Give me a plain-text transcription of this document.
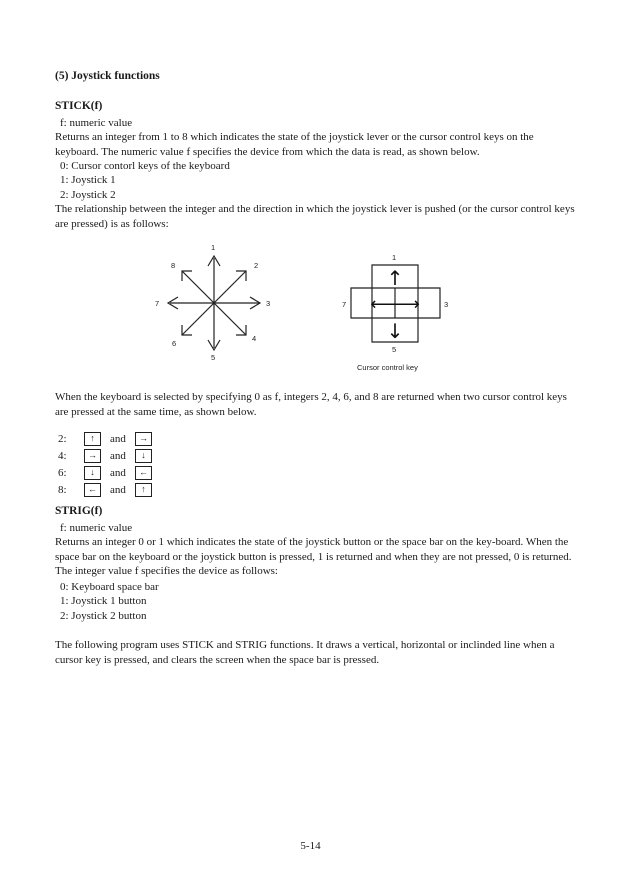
(5) Joystick functions
STICK(f)
f: numeric value
Returns an integer from 1 to 8 which indicates the state of the joystick lever or the cursor control keys on the keyboard. The numeric value f specifies the device from which the data is read, as shown below.
0: Cursor contorl keys of the keyboard
1: Joystick 1
2: Joystick 2
The relationship between the integer and the direction in which the joystick lever is pushed (or the cursor control keys are pressed) is as follows:
1
2
3
4
5
6
7
8
↑
⟶
↓
⟵
1
3
5
7
Cursor control key
When the keyboard is selected by specifying 0 as f, integers 2, 4, 6, and 8 are returned when two cursor control keys are pressed at the same time, as shown below.
2:	↑	and	→
4:	→	and	↓
6:	↓	and	←
8:	←	and	↑
STRIG(f)
f: numeric value
Returns an integer 0 or 1 which indicates the state of the joystick button or the space bar on the key-board. When the space bar on the keyboard or the joystick button is pressed, 1 is returned and when they are not pressed, 0 is returned. The integer value f specifies the device as follows:
0: Keyboard space bar
1: Joystick 1 button
2: Joystick 2 button
The following program uses STICK and STRIG functions. It draws a vertical, horizontal or inclinded line when a cursor key is pressed, and clears the screen when the space bar is pressed.
5-14
